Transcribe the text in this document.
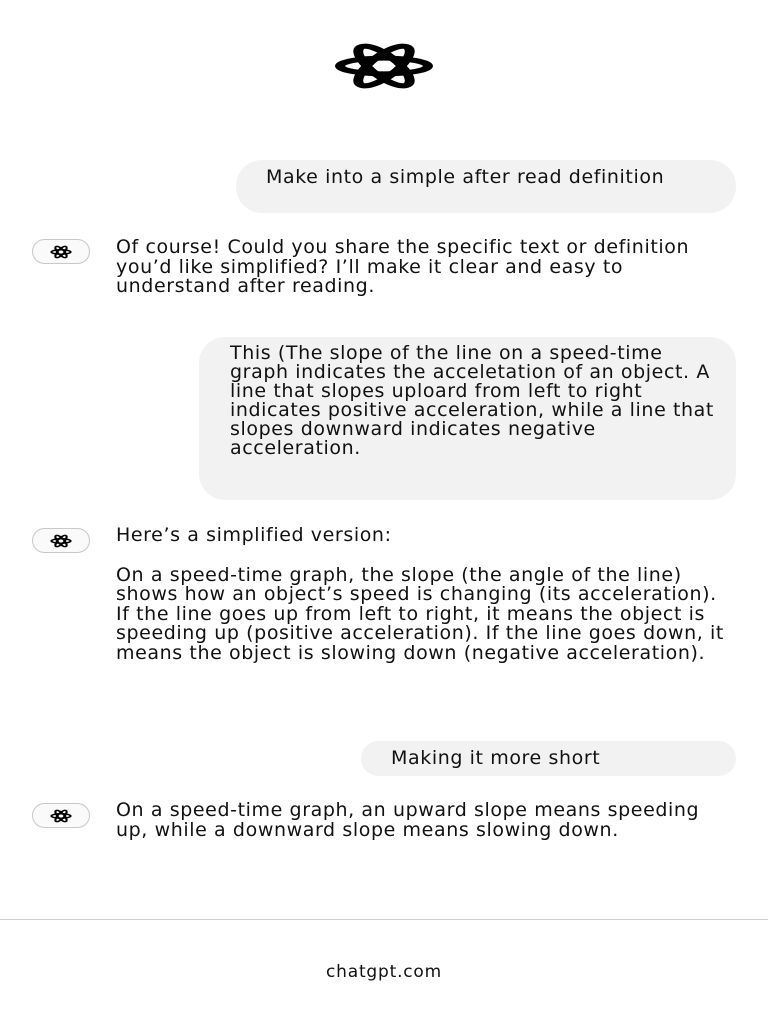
Make into a simple after read definition

Of course! Could you share the specific text or definition you’d like simplified? I’ll make it clear and easy to understand after reading.

This (The slope of the line on a speed-time graph indicates the acceletation of an object. A line that slopes uploard from left to right indicates positive acceleration, while a line that slopes downward indicates negative acceleration.

Here’s a simplified version:

On a speed-time graph, the slope (the angle of the line) shows how an object’s speed is changing (its acceleration). If the line goes up from left to right, it means the object is speeding up (positive acceleration). If the line goes down, it means the object is slowing down (negative acceleration).

Making it more short

On a speed-time graph, an upward slope means speeding up, while a downward slope means slowing down.

chatgpt.com
